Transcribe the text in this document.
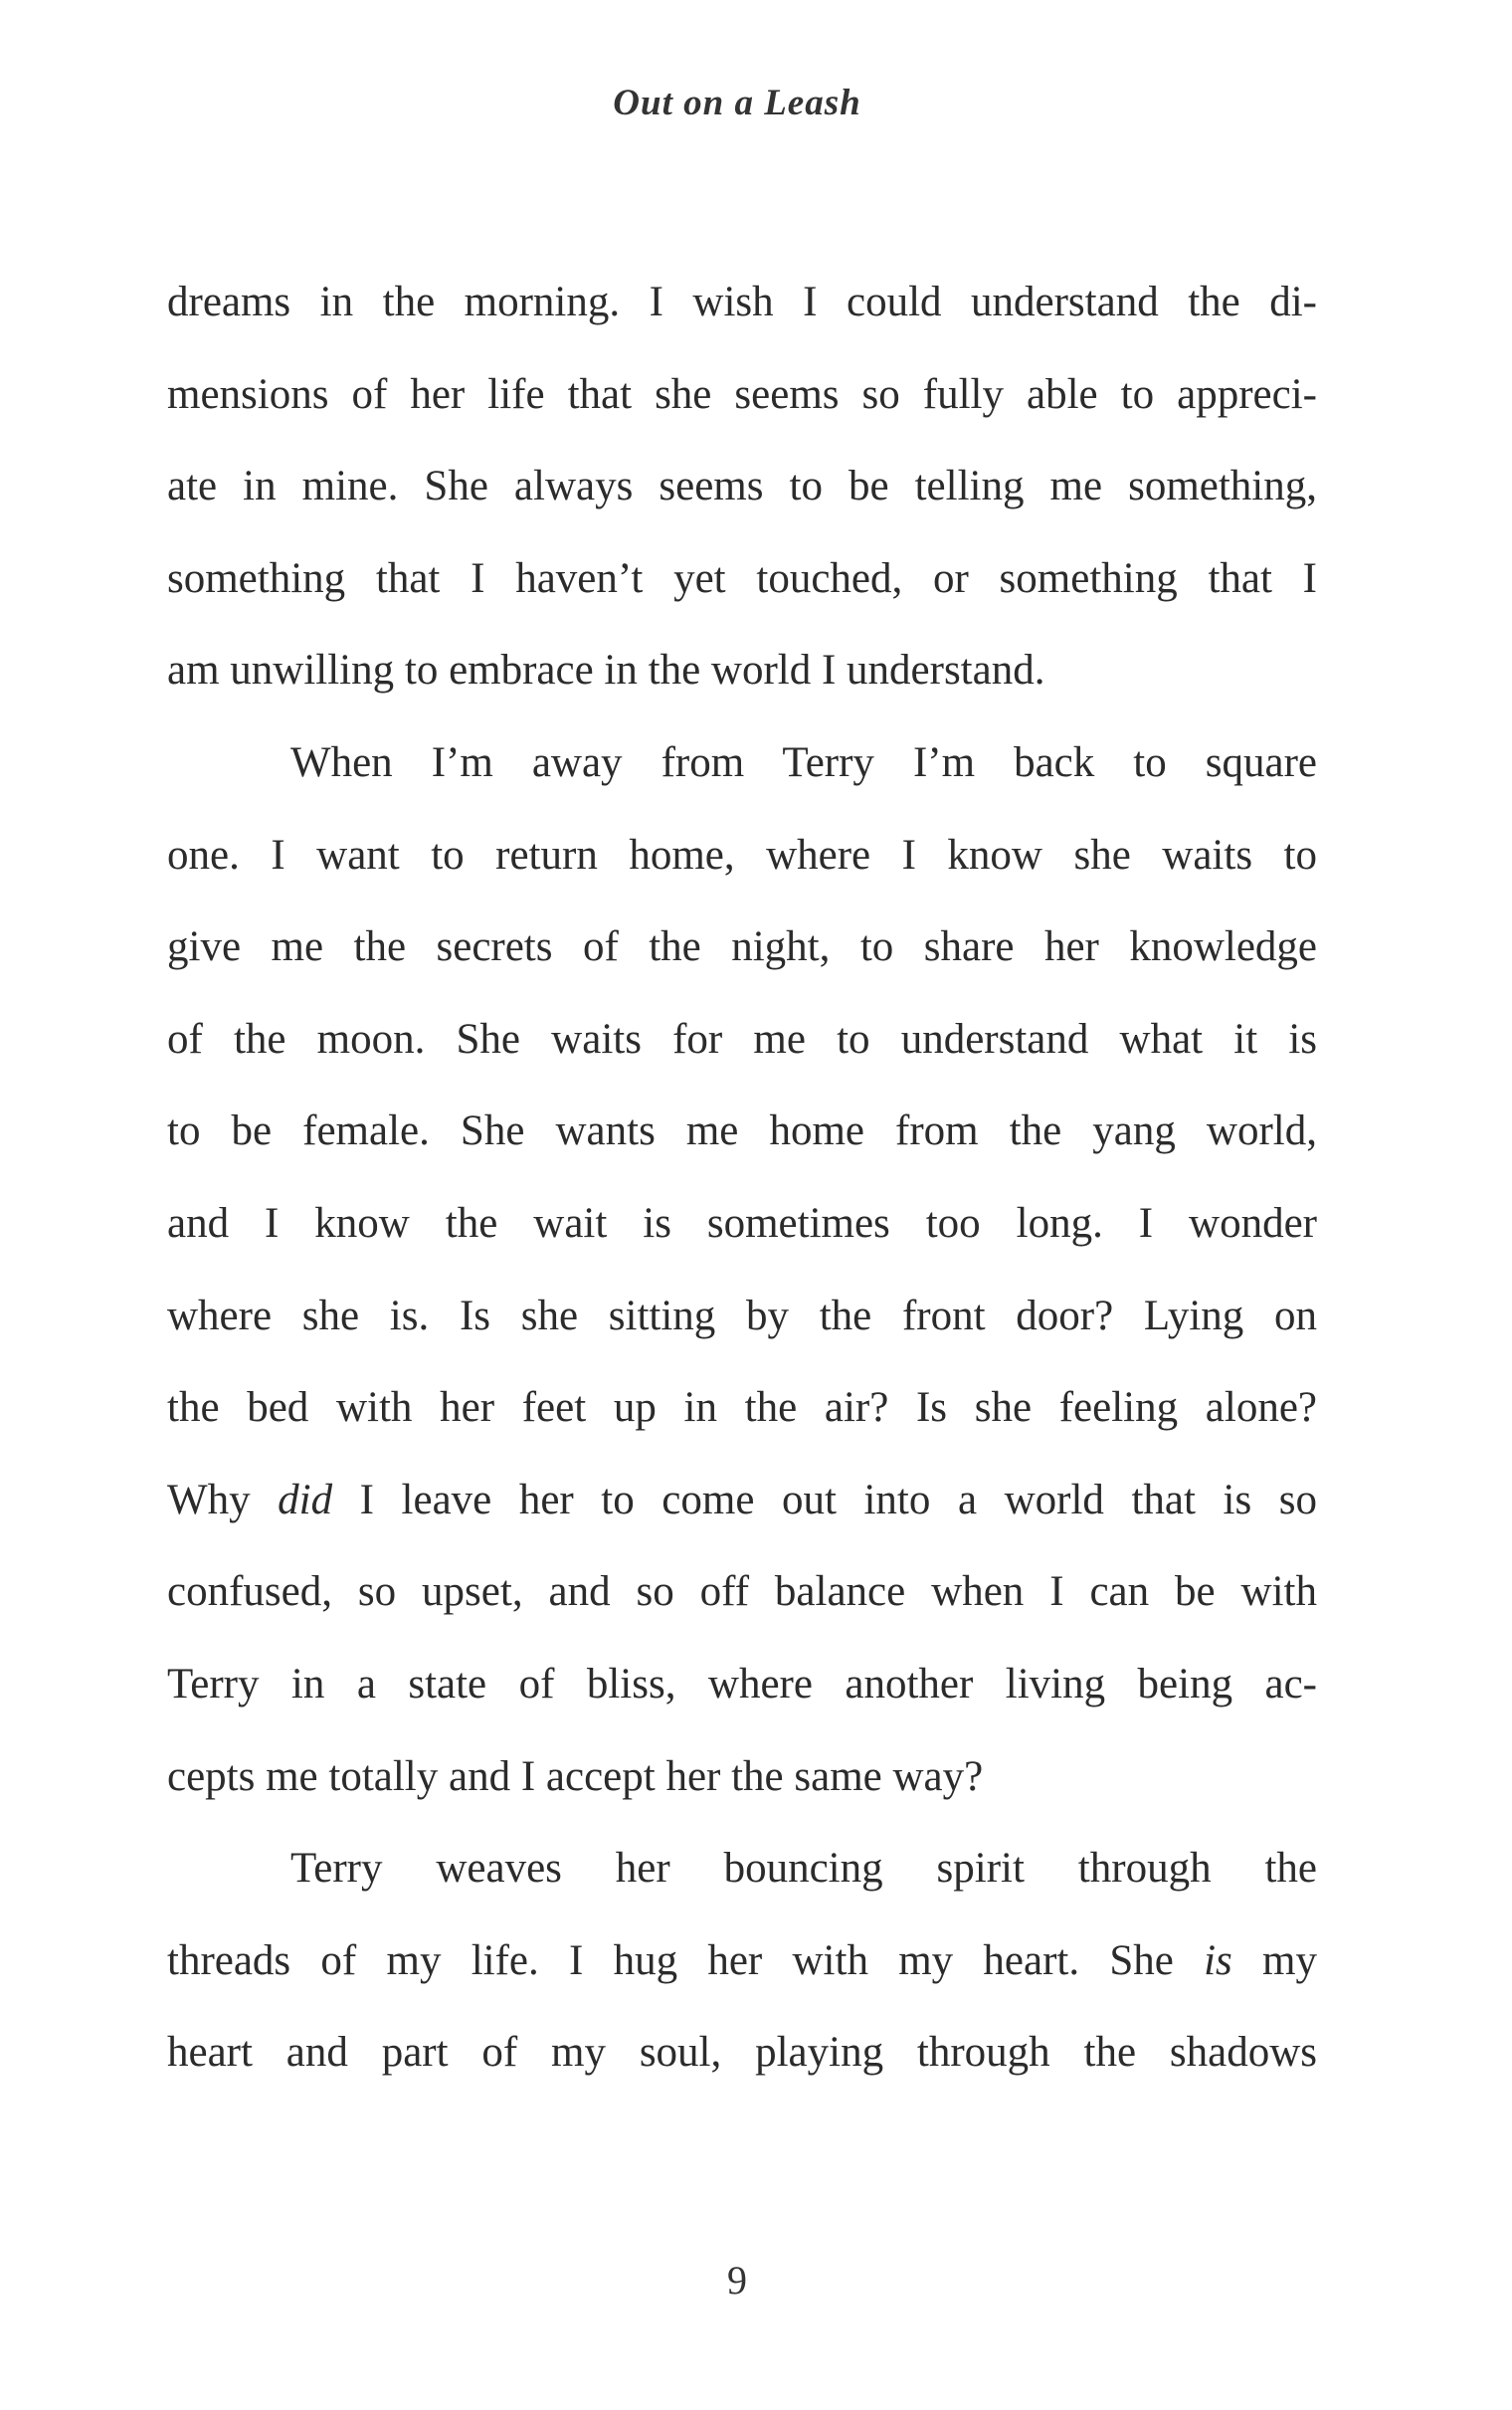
Out on a Leash
dreams in the morning. I wish I could understand the di-
mensions of her life that she seems so fully able to appreci-
ate in mine. She always seems to be telling me something,
something that I haven’t yet touched, or something that I
am unwilling to embrace in the world I understand.
When I’m away from Terry I’m back to square
one. I want to return home, where I know she waits to
give me the secrets of the night, to share her knowledge
of the moon. She waits for me to understand what it is
to be female. She wants me home from the yang world,
and I know the wait is sometimes too long. I wonder
where she is. Is she sitting by the front door? Lying on
the bed with her feet up in the air? Is she feeling alone?
Why did I leave her to come out into a world that is so
confused, so upset, and so off balance when I can be with
Terry in a state of bliss, where another living being ac-
cepts me totally and I accept her the same way?
Terry weaves her bouncing spirit through the
threads of my life. I hug her with my heart. She is my
heart and part of my soul, playing through the shadows
9
